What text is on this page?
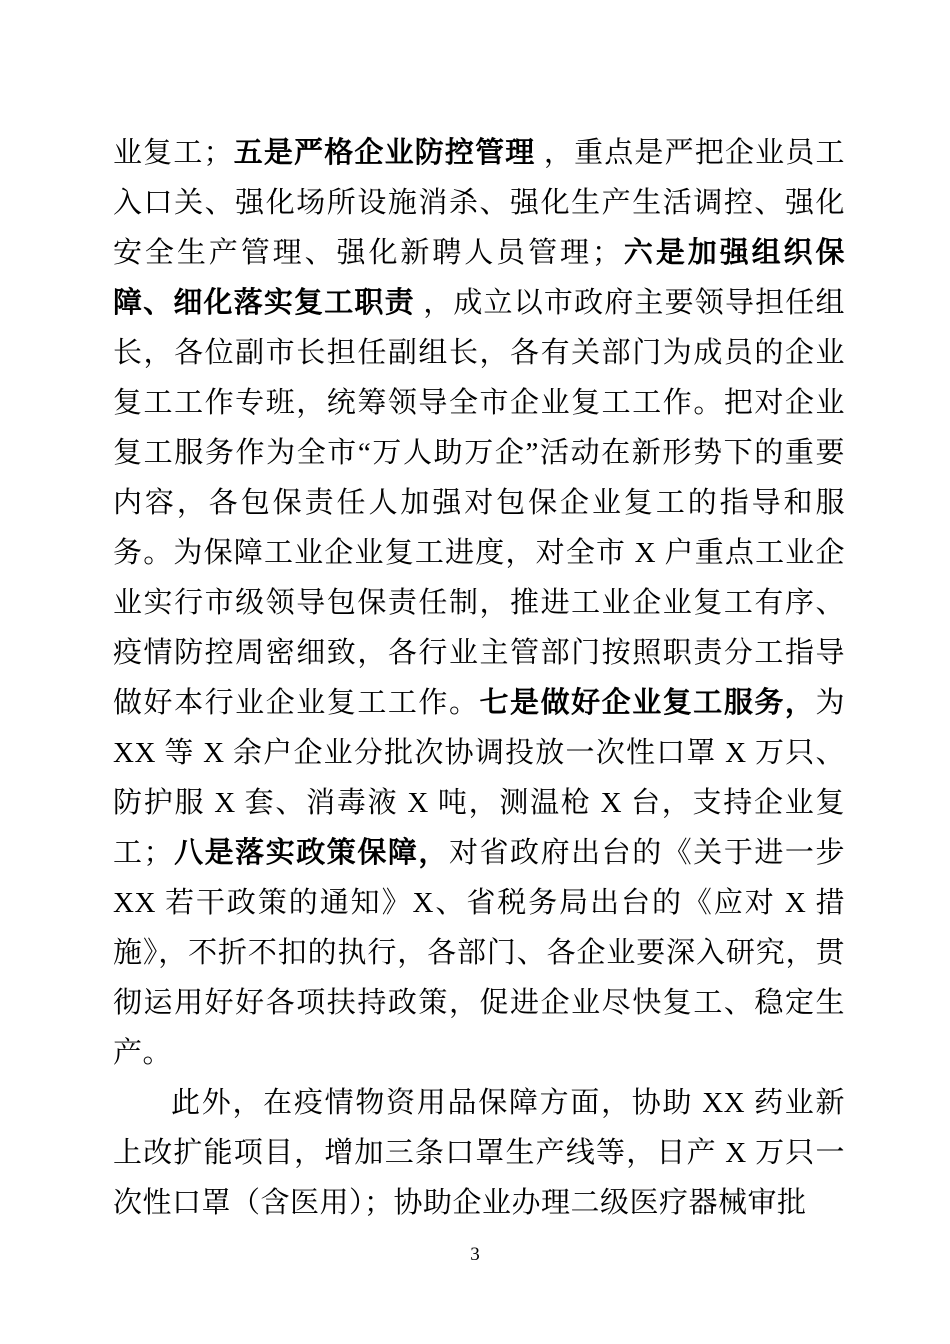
业复工；五是严格企业防控管理 ，重点是严把企业员工入口关、强化场所设施消杀、强化生产生活调控、强化安全生产管理、强化新聘人员管理；六是加强组织保障、细化落实复工职责 ，成立以市政府主要领导担任组长，各位副市长担任副组长，各有关部门为成员的企业复工工作专班，统筹领导全市企业复工工作。把对企业复工服务作为全市“万人助万企”活动在新形势下的重要内容，各包保责任人加强对包保企业复工的指导和服务。为保障工业企业复工进度，对全市 X 户重点工业企业实行市级领导包保责任制，推进工业企业复工有序、疫情防控周密细致，各行业主管部门按照职责分工指导做好本行业企业复工工作。七是做好企业复工服务，为 XX 等 X 余户企业分批次协调投放一次性口罩 X 万只、防护服 X 套、消毒液 X 吨，测温枪 X 台，支持企业复工；八是落实政策保障，对省政府出台的《关于进一步 XX 若干政策的通知》X、省税务局出台的《应对 X 措施》，不折不扣的执行，各部门、各企业要深入研究，贯彻运用好好各项扶持政策，促进企业尽快复工、稳定生产。

此外，在疫情物资用品保障方面，协助 XX 药业新上改扩能项目，增加三条口罩生产线等，日产 X 万只一次性口罩（含医用）；协助企业办理二级医疗器械审批

3
